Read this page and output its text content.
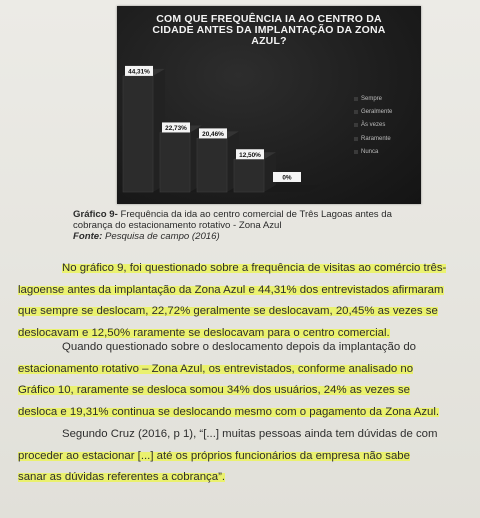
COM QUE FREQUÊNCIA IA AO CENTRO DA
CIDADE ANTES DA IMPLANTAÇÃO DA ZONA
AZUL?
44,31%
22,73%
20,46%
12,50%
0%
Sempre
Geralmente
Às vezes
Raramente
Nunca
Gráfico 9- Frequência da ida ao centro comercial de Três Lagoas antes da
cobrança do estacionamento rotativo - Zona Azul
Fonte: Pesquisa de campo (2016)
No gráfico 9, foi questionado sobre a frequência de visitas ao comércio três-
lagoense antes da implantação da Zona Azul e 44,31% dos entrevistados afirmaram
que sempre se deslocam, 22,72% geralmente se deslocavam, 20,45% as vezes se
deslocavam e 12,50% raramente se deslocavam para o centro comercial.
Quando questionado sobre o deslocamento depois da implantação do
estacionamento rotativo – Zona Azul, os entrevistados, conforme analisado no
Gráfico 10, raramente se desloca somou 34% dos usuários, 24% as vezes se
desloca e 19,31% continua se deslocando mesmo com o pagamento da Zona Azul.
Segundo Cruz (2016, p 1), “[...] muitas pessoas ainda tem dúvidas de com
proceder ao estacionar [...] até os próprios funcionários da empresa não sabe
sanar as dúvidas referentes a cobrança”.
